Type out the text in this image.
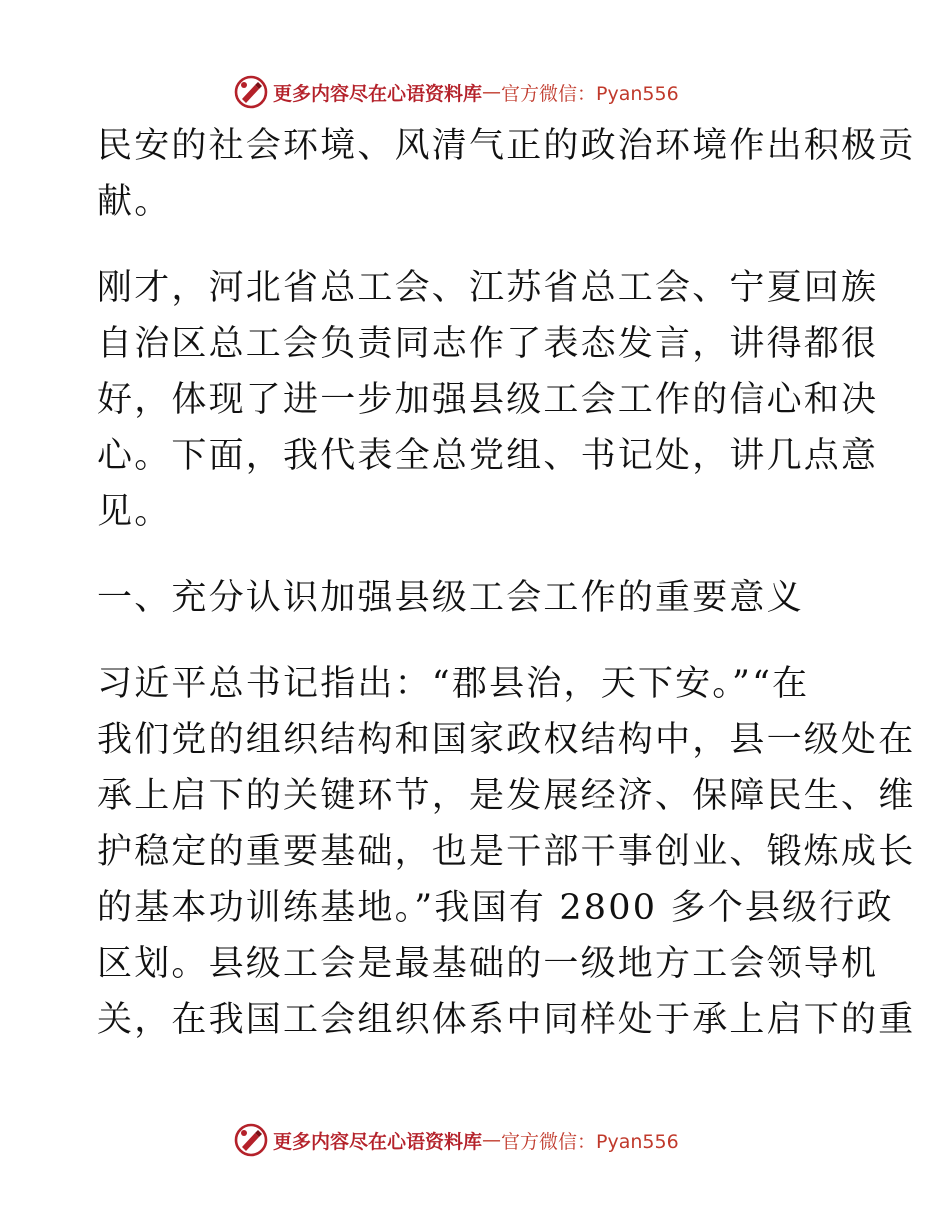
更多内容尽在心语资料库 — 官方微信：Pyan556
民安的社会环境、风清气正的政治环境作出积极贡
献。
刚才，河北省总工会、江苏省总工会、宁夏回族
自治区总工会负责同志作了表态发言，讲得都很
好，体现了进一步加强县级工会工作的信心和决
心。下面，我代表全总党组、书记处，讲几点意
见。
一、充分认识加强县级工会工作的重要意义
习近平总书记指出：“郡县治，天下安。”“在
我们党的组织结构和国家政权结构中，县一级处在
承上启下的关键环节，是发展经济、保障民生、维
护稳定的重要基础，也是干部干事创业、锻炼成长
的基本功训练基地。”我国有 2800 多个县级行政
区划。县级工会是最基础的一级地方工会领导机
关，在我国工会组织体系中同样处于承上启下的重
更多内容尽在心语资料库 — 官方微信：Pyan556
